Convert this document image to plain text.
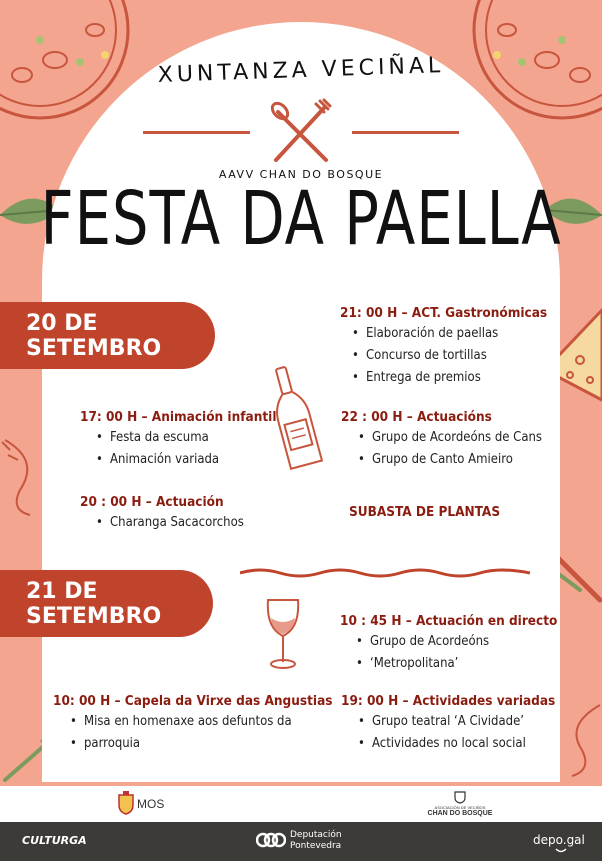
XUNTANZA VECIÑAL
AAVV CHAN DO BOSQUE
FESTA DA PAELLA
20 DE SETEMBRO
21: 00 H – ACT. Gastronómicas
• Elaboración de paellas
• Concurso de tortillas
• Entrega de premios
17: 00 H – Animación infantil
• Festa da escuma
• Animación variada
22 : 00 H – Actuacións
• Grupo de Acordeóns de Cans
• Grupo de Canto Amieiro
20 : 00 H – Actuación
• Charanga Sacacorchos
SUBASTA DE PLANTAS
21 DE SETEMBRO	10 : 45 H – Actuación en directo
• Grupo de Acordeóns
• ‘Metropolitana’
10: 00 H – Capela da Virxe das Angustias
• Misa en homenaxe aos defuntos da
• parroquia
19: 00 H – Actividades variadas
• Grupo teatral ‘A Cividade’
• Actividades no local social
MOS	ASOCIACIÓN DE VECIÑOS
CHAN DO BOSQUE
CULTURGA	Deputación
Pontevedra	depo.gal
